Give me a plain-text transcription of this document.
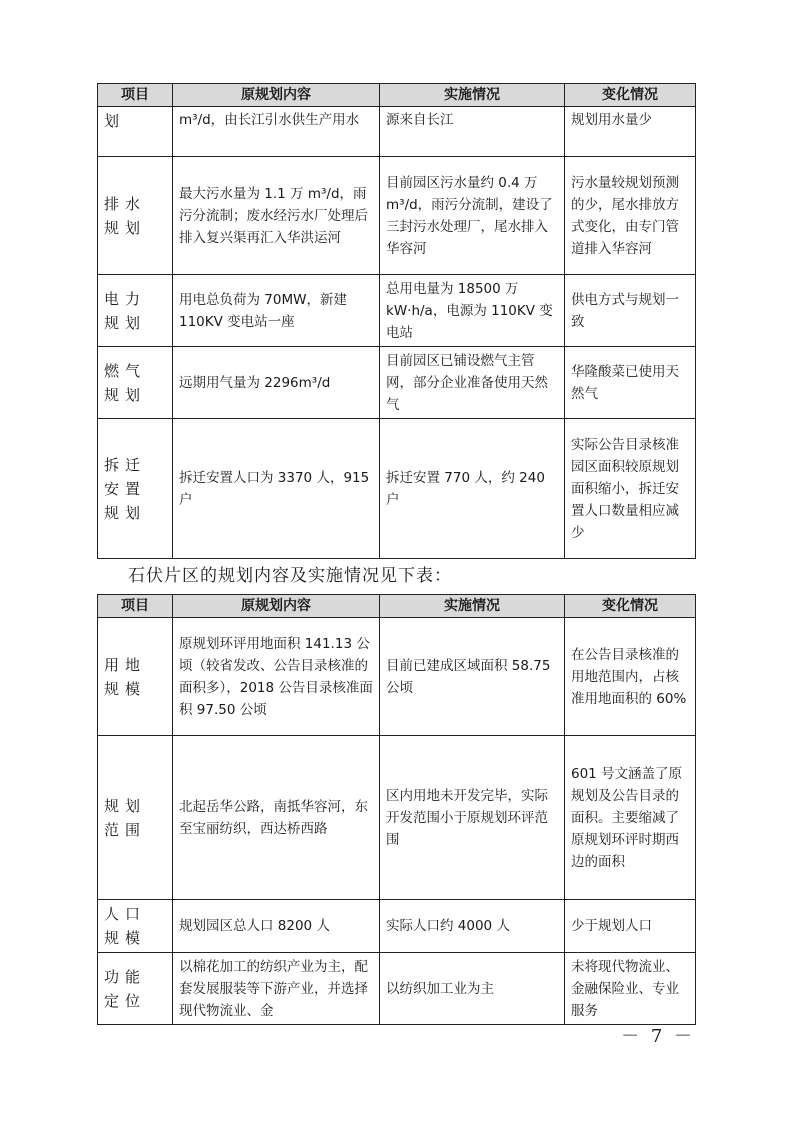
项目	原规划内容	实施情况	变化情况
划	m³/d，由长江引水供生产用水	源来自长江	规划用水量少
排水规划	最大污水量为 1.1 万 m³/d，雨污分流制；废水经污水厂处理后排入复兴渠再汇入华洪运河	目前园区污水量约 0.4 万 m³/d，雨污分流制，建设了三封污水处理厂，尾水排入华容河	污水量较规划预测的少，尾水排放方式变化，由专门管道排入华容河
电力规划	用电总负荷为 70MW，新建 110KV 变电站一座	总用电量为 18500 万 kW·h/a，电源为 110KV 变电站	供电方式与规划一致
燃气规划	远期用气量为 2296m³/d	目前园区已铺设燃气主管网，部分企业准备使用天然气	华隆酸菜已使用天然气
拆迁安置规划	拆迁安置人口为 3370 人，915 户	拆迁安置 770 人，约 240 户	实际公告目录核准园区面积较原规划面积缩小，拆迁安置人口数量相应减少
石伏片区的规划内容及实施情况见下表：
项目	原规划内容	实施情况	变化情况
用地规模	原规划环评用地面积 141.13 公顷（较省发改、公告目录核准的面积多），2018 公告目录核准面积 97.50 公顷	目前已建成区域面积 58.75 公顷	在公告目录核准的用地范围内，占核准用地面积的 60%
规划范围	北起岳华公路，南抵华容河，东至宝丽纺织，西达桥西路	区内用地未开发完毕，实际开发范围小于原规划环评范围	601 号文涵盖了原规划及公告目录的面积。主要缩减了原规划环评时期西边的面积
人口规模	规划园区总人口 8200 人	实际人口约 4000 人	少于规划人口
功能定位	以棉花加工的纺织产业为主，配套发展服装等下游产业，并选择现代物流业、金	以纺织加工业为主	未将现代物流业、金融保险业、专业服务
－ 7 －
